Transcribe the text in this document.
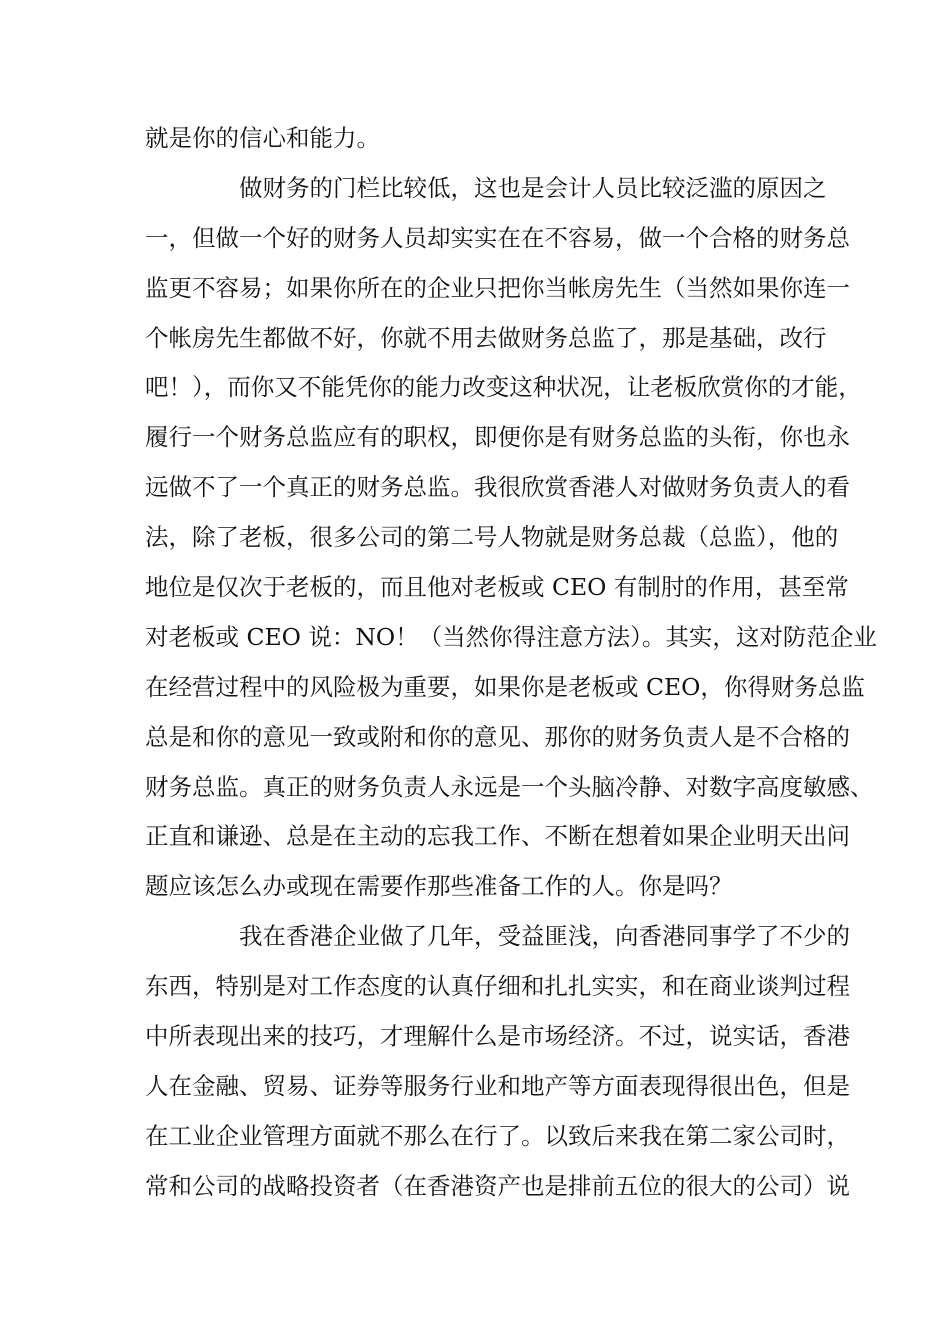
就是你的信心和能力。
做财务的门栏比较低，这也是会计人员比较泛滥的原因之
一，但做一个好的财务人员却实实在在不容易，做一个合格的财务总
监更不容易；如果你所在的企业只把你当帐房先生（当然如果你连一
个帐房先生都做不好，你就不用去做财务总监了，那是基础，改行
吧！），而你又不能凭你的能力改变这种状况，让老板欣赏你的才能，
履行一个财务总监应有的职权，即便你是有财务总监的头衔，你也永
远做不了一个真正的财务总监。我很欣赏香港人对做财务负责人的看
法，除了老板，很多公司的第二号人物就是财务总裁（总监），他的
地位是仅次于老板的，而且他对老板或 CEO 有制肘的作用，甚至常
对老板或 CEO 说：NO！（当然你得注意方法）。其实，这对防范企业
在经营过程中的风险极为重要，如果你是老板或 CEO，你得财务总监
总是和你的意见一致或附和你的意见、那你的财务负责人是不合格的
财务总监。真正的财务负责人永远是一个头脑冷静、对数字高度敏感、
正直和谦逊、总是在主动的忘我工作、不断在想着如果企业明天出问
题应该怎么办或现在需要作那些准备工作的人。你是吗？
我在香港企业做了几年，受益匪浅，向香港同事学了不少的
东西，特别是对工作态度的认真仔细和扎扎实实，和在商业谈判过程
中所表现出来的技巧，才理解什么是市场经济。不过，说实话，香港
人在金融、贸易、证券等服务行业和地产等方面表现得很出色，但是
在工业企业管理方面就不那么在行了。以致后来我在第二家公司时，
常和公司的战略投资者（在香港资产也是排前五位的很大的公司）说
